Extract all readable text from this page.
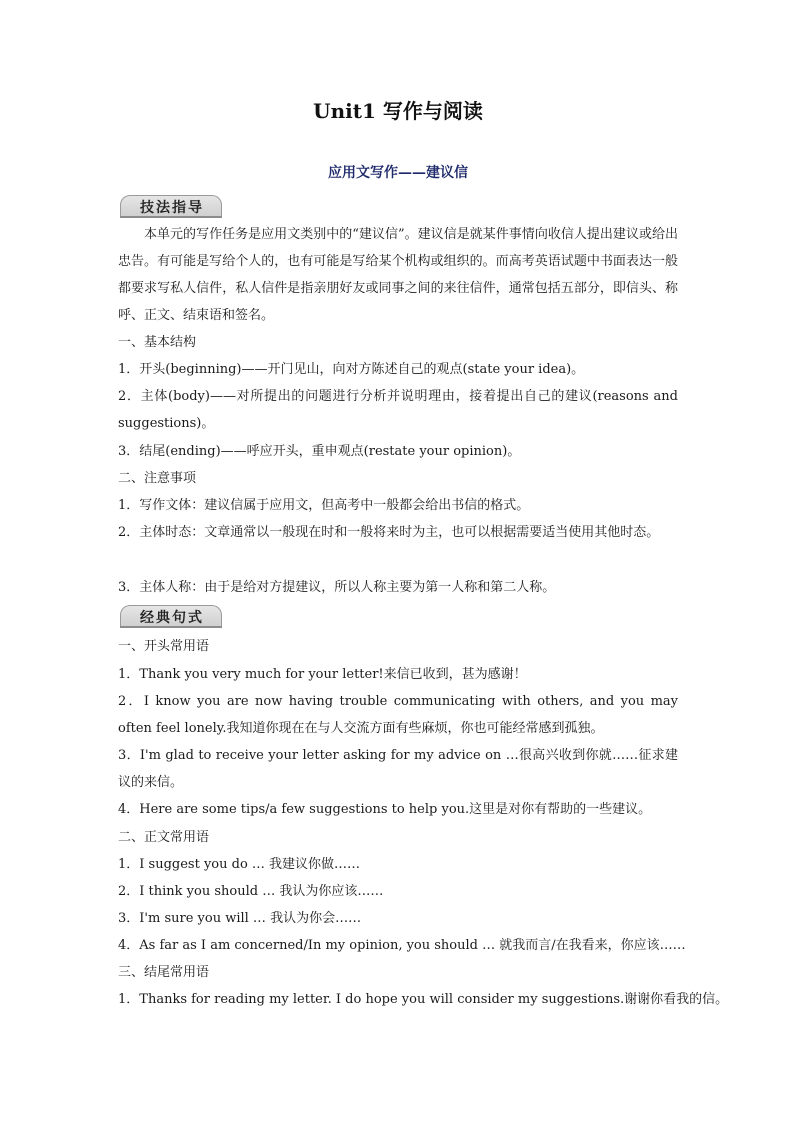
Unit1 写作与阅读
应用文写作——建议信
技法指导
本单元的写作任务是应用文类别中的“建议信”。建议信是就某件事情向收信人提出建议或给出忠告。有可能是写给个人的，也有可能是写给某个机构或组织的。而高考英语试题中书面表达一般都要求写私人信件，私人信件是指亲朋好友或同事之间的来往信件，通常包括五部分，即信头、称呼、正文、结束语和签名。
一、基本结构
1．开头(beginning)——开门见山，向对方陈述自己的观点(state your idea)。
2．主体(body)——对所提出的问题进行分析并说明理由，接着提出自己的建议(reasons and suggestions)。
3．结尾(ending)——呼应开头，重申观点(restate your opinion)。
二、注意事项
1．写作文体：建议信属于应用文，但高考中一般都会给出书信的格式。
2．主体时态：文章通常以一般现在时和一般将来时为主，也可以根据需要适当使用其他时态。
3．主体人称：由于是给对方提建议，所以人称主要为第一人称和第二人称。
经典句式
一、开头常用语
1．Thank you very much for your letter!来信已收到，甚为感谢！
2．I know you are now having trouble communicating with others, and you may often feel lonely.我知道你现在在与人交流方面有些麻烦，你也可能经常感到孤独。
3．I'm glad to receive your letter asking for my advice on …很高兴收到你就……征求建议的来信。
4．Here are some tips/a few suggestions to help you.这里是对你有帮助的一些建议。
二、正文常用语
1．I suggest you do … 我建议你做……
2．I think you should … 我认为你应该……
3．I'm sure you will … 我认为你会……
4．As far as I am concerned/In my opinion, you should … 就我而言/在我看来，你应该……
三、结尾常用语
1．Thanks for reading my letter. I do hope you will consider my suggestions.谢谢你看我的信。
